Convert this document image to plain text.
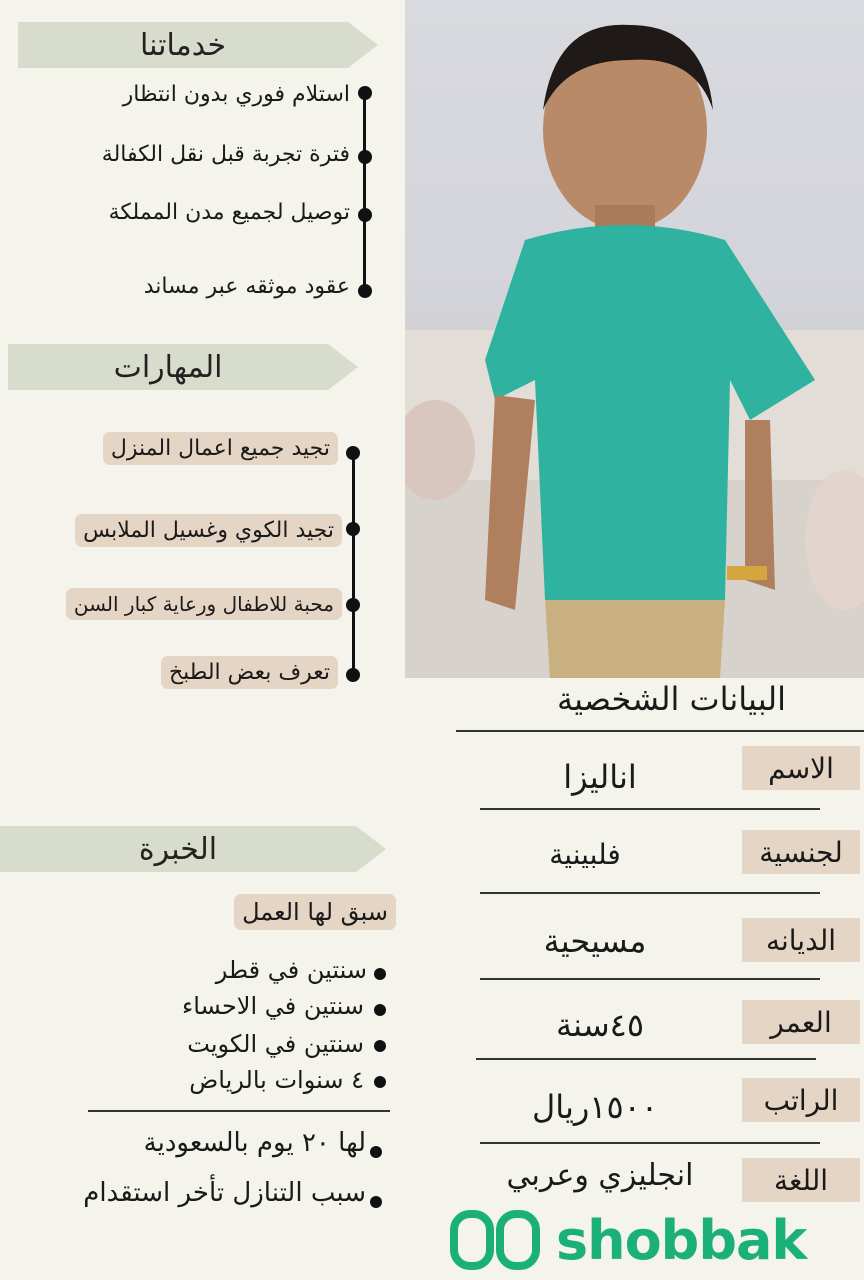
خدماتنا
استلام فوري بدون انتظار
فترة تجربة قبل نقل الكفالة
توصيل لجميع مدن المملكة
عقود موثقه عبر مساند
المهارات
تجيد جميع اعمال المنزل
تجيد الكوي وغسيل الملابس
محبة للاطفال ورعاية كبار السن
تعرف بعض الطبخ
البيانات الشخصية
الاسم
اناليزا
لجنسية
فلبينية
الديانه
مسيحية
العمر
٤٥سنة
الراتب
١٥٠٠ريال
اللغة
انجليزي وعربي
الخبرة
سبق لها العمل
سنتين في قطر
سنتين في الاحساء
سنتين في الكويت
٤ سنوات بالرياض
لها ٢٠ يوم بالسعودية
سبب التنازل تأخر استقدام
shobbak
